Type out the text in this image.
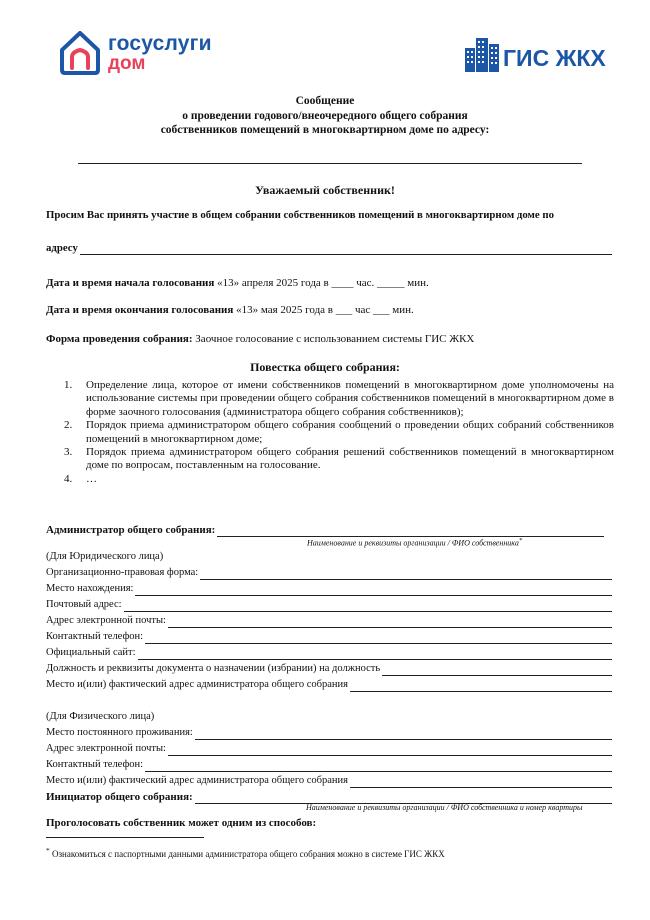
госуслуги
дом	ГИС ЖКХ
Сообщение
о проведении годового/внеочередного общего собрания
собственников помещений в многоквартирном доме по адресу:
Уважаемый собственник!
Просим Вас принять участие в общем собрании собственников помещений в многоквартирном доме по
адресу
Дата и время начала голосования «13» апреля 2025 года в ____ час. _____ мин.
Дата и время окончания голосования «13» мая 2025 года в ___ час ___ мин.
Форма проведения собрания: Заочное голосование с использованием системы ГИС ЖКХ
Повестка общего собрания:
1.	Определение лица, которое от имени собственников помещений в многоквартирном доме уполномочены на использование системы при проведении общего собрания собственников помещений в многоквартирном доме в форме заочного голосования (администратора общего собрания собственников);
2.	Порядок приема администратором общего собрания сообщений о проведении общих собраний собственников помещений в многоквартирном доме;
3.	Порядок приема администратором общего собрания решений собственников помещений в многоквартирном доме по вопросам, поставленным на голосование.
4.	…
Администратор общего собрания:
Наименование и реквизиты организации / ФИО собственника*
(Для Юридического лица)
Организационно-правовая форма:
Место нахождения:
Почтовый адрес:
Адрес электронной почты:
Контактный телефон:
Официальный сайт:
Должность и реквизиты документа о назначении (избрании) на должность
Место и(или) фактический адрес администратора общего собрания
(Для Физического лица)
Место постоянного проживания:
Адрес электронной почты:
Контактный телефон:
Место и(или) фактический адрес администратора общего собрания
Инициатор общего собрания:
Наименование и реквизиты организации / ФИО собственника и номер квартиры
Проголосовать собственник может одним из способов:
* Ознакомиться с паспортными данными администратора общего собрания можно в системе ГИС ЖКХ
